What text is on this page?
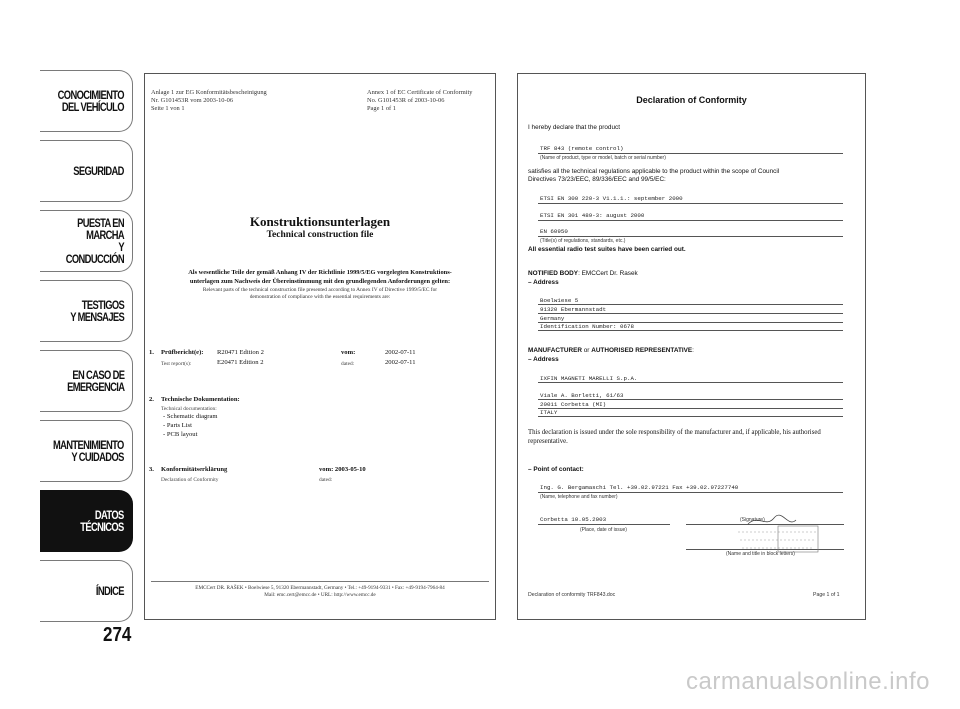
CONOCIMIENTO
DEL VEHÍCULO
SEGURIDAD
PUESTA EN
MARCHA
Y CONDUCCIÓN
TESTIGOS
Y MENSAJES
EN CASO DE
EMERGENCIA
MANTENIMIENTO
Y CUIDADOS
DATOS
TÉCNICOS
ÍNDICE
274
Anlage 1 zur EG Konformitätsbescheinigung
Nr. G101453R vom 2003-10-06
Seite 1 von 1
Annex 1 of EC Certificate of Conformity
No. G101453R of 2003-10-06
Page 1 of 1
Konstruktionsunterlagen
Technical construction file
Als wesentliche Teile der gemäß Anhang IV der Richtlinie 1999/5/EG vorgelegten Konstruktions-
unterlagen zum Nachweis der Übereinstimmung mit den grundlegenden Anforderungen gelten:
Relevant parts of the technical construction file presented according to Annex IV of Directive 1999/5/EC for
demonstration of compliance with the essential requirements are:
1. Prüfbericht(e):
Test report(s):
R20471 Edition 2
E20471 Edition 2
vom:
dated:
2002-07-11
2002-07-11
2. Technische Dokumentation:
Technical documentation:
- Schematic diagram
- Parts List
- PCB layout
3. Konformitätserklärung
Declaration of Conformity
vom: 2003-05-10
dated:
EMCCert DR. RAŠEK • Boelwiese 5, 91320 Ebermannstadt, Germany • Tel.: +49-9194-9331 • Fax: +49-9194-7964-84
Mail: emc.cert@emcc.de • URL: http://www.emcc.de
Declaration of Conformity
I hereby declare that the product
TRF 843 (remote control)
(Name of product, type or model, batch or serial number)
satisfies all the technical regulations applicable to the product within the scope of Council
Directives 73/23/EEC, 89/336/EEC and 99/5/EC:
ETSI EN 300 220-3 V1.1.1.: september 2000
ETSI EN 301 489-3: august 2000
EN 60950
(Title(s) of regulations, standards, etc.)
All essential radio test suites have been carried out.
NOTIFIED BODY: EMCCert Dr. Rasek
– Address
Boelwiese 5
91320 Ebermannstadt
Germany
Identification Number: 0678
MANUFACTURER or AUTHORISED REPRESENTATIVE:
– Address
IXFIN MAGNETI MARELLI S.p.A.
Viale A. Borletti, 61/63
20011 Corbetta (MI)
ITALY
This declaration is issued under the sole responsibility of the manufacturer and, if applicable, his authorised
representative.
– Point of contact:
Ing. G. Bergamaschi Tel. +39.02.97221 Fax +39.02.97227740
(Name, telephone and fax number)
Corbetta 10.05.2003
(Place, date of issue)
(Signature)
(Name and title in block letters)
Declaration of conformity TRF843.doc	Page 1 of 1
carmanualsonline.info
